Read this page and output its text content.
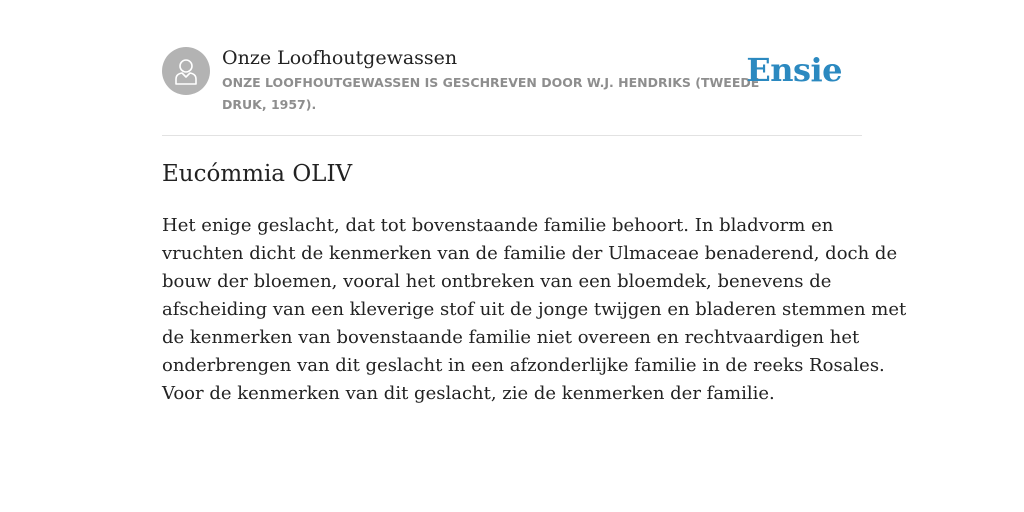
Onze Loofhoutgewassen
ONZE LOOFHOUTGEWASSEN IS GESCHREVEN DOOR W.J. HENDRIKS (TWEEDE DRUK, 1957).
Ensie
Eucómmia OLIV
Het enige geslacht, dat tot bovenstaande familie behoort. In bladvorm en
vruchten dicht de kenmerken van de familie der Ulmaceae benaderend, doch de
bouw der bloemen, vooral het ontbreken van een bloemdek, benevens de
afscheiding van een kleverige stof uit de jonge twijgen en bladeren stemmen met
de kenmerken van bovenstaande familie niet overeen en rechtvaardigen het
onderbrengen van dit geslacht in een afzonderlijke familie in de reeks Rosales.
Voor de kenmerken van dit geslacht, zie de kenmerken der familie.
